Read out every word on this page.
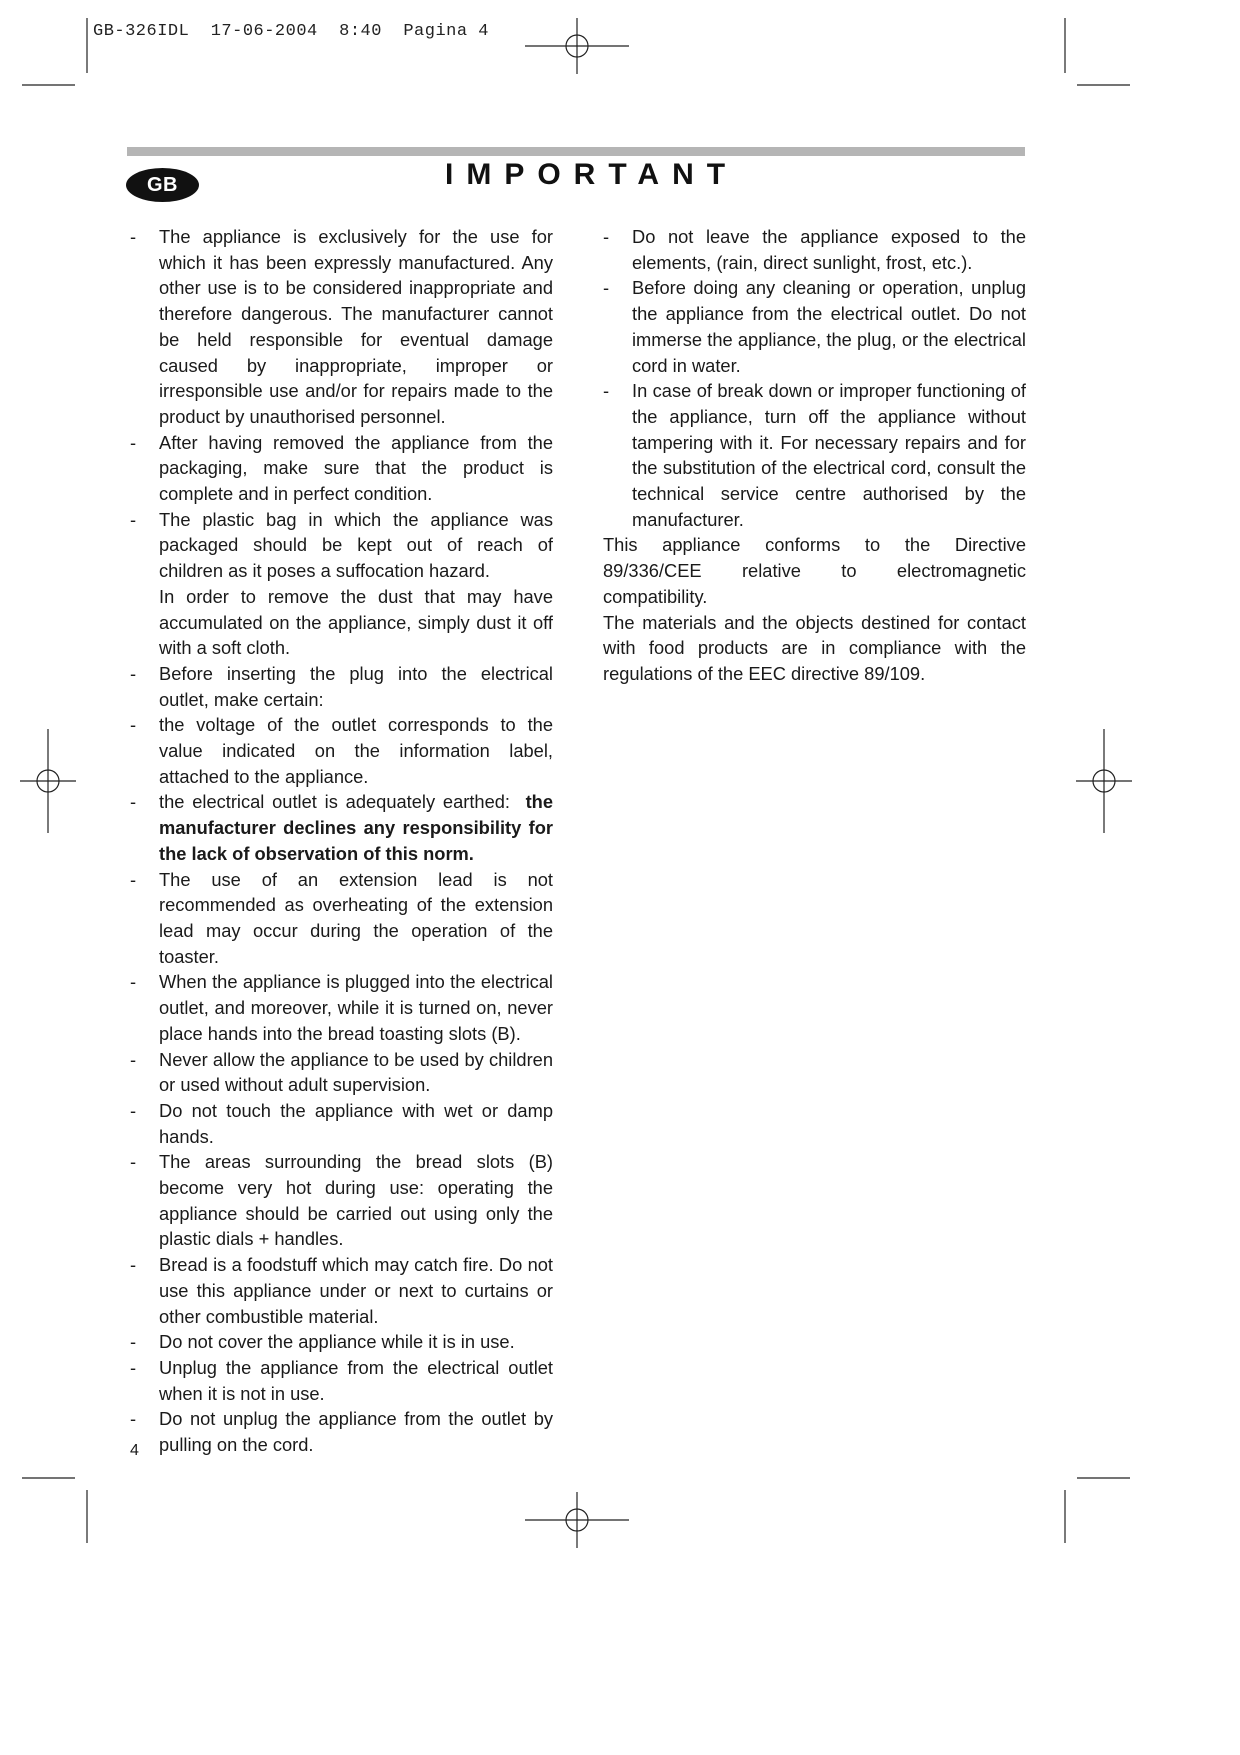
GB-326IDL  17-06-2004  8:40  Pagina 4
GB	IMPORTANT
- The appliance is exclusively for the use for which it has been expressly manufactured. Any other use is to be considered inappropriate and therefore dangerous. The manufacturer cannot be held responsible for eventual damage caused by inappropriate, improper or irresponsible use and/or for repairs made to the product by unauthorised personnel.
- After having removed the appliance from the packaging, make sure that the product is complete and in perfect condition.
- The plastic bag in which the appliance was packaged should be kept out of reach of children as it poses a suffocation hazard.
In order to remove the dust that may have accumulated on the appliance, simply dust it off with a soft cloth.
- Before inserting the plug into the electrical outlet, make certain:
- the voltage of the outlet corresponds to the value indicated on the information label, attached to the appliance.
- the electrical outlet is adequately earthed:  the manufacturer declines any responsibility for the lack of observation of this norm.
- The use of an extension lead is not recommended as overheating of the extension lead may occur during the operation of the toaster.
- When the appliance is plugged into the electrical outlet, and moreover, while it is turned on, never place hands into the bread toasting slots (B).
- Never allow the appliance to be used by children or used without adult supervision.
- Do not touch the appliance with wet or damp hands.
- The areas surrounding the bread slots (B) become very hot during use: operating the appliance should be carried out using only the plastic dials + handles.
- Bread is a foodstuff which may catch fire. Do not use this appliance under or next to curtains or other combustible material.
- Do not cover the appliance while it is in use.
- Unplug the appliance from the electrical outlet when it is not in use.
- Do not unplug the appliance from the outlet by pulling on the cord.
- Do not leave the appliance exposed to the elements, (rain, direct sunlight, frost, etc.).
- Before doing any cleaning or operation, unplug the appliance from the electrical outlet. Do not immerse the appliance, the plug, or the electrical cord in water.
- In case of break down or improper functioning of the appliance, turn off the appliance without tampering with it. For necessary repairs and for the substitution of the electrical cord, consult the technical service centre authorised by the manufacturer.

This appliance conforms to the Directive 89/336/CEE relative to electromagnetic compatibility.

The materials and the objects destined for contact with food products are in compliance with the regulations of the EEC directive 89/109.

4
